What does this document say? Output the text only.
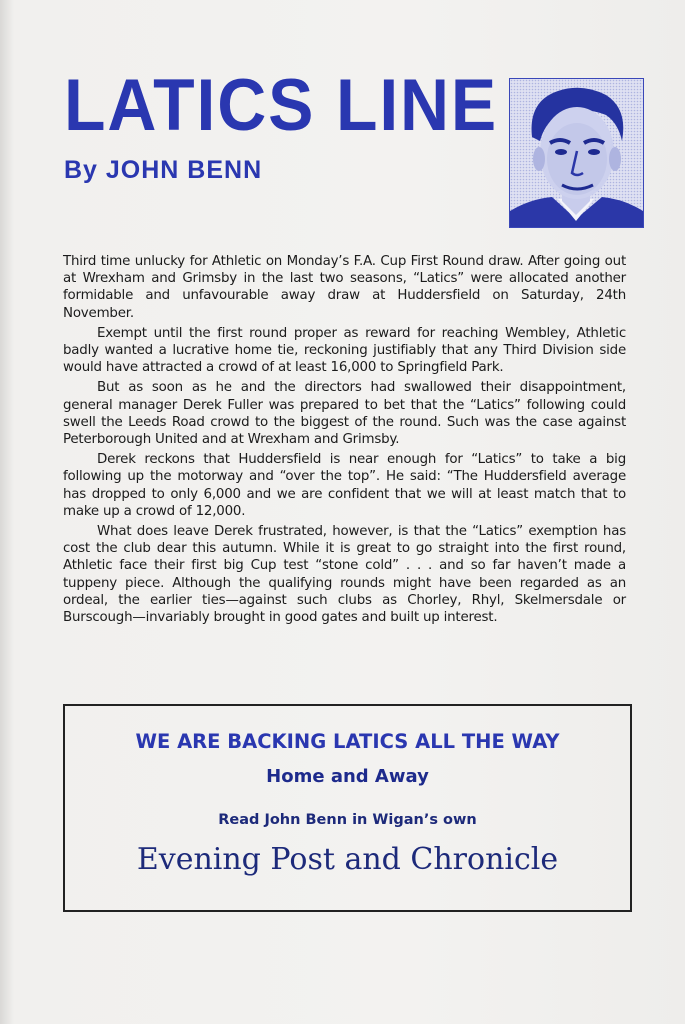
LATICS LINE
By JOHN BENN

Third time unlucky for Athletic on Monday’s F.A. Cup First Round draw. After going out at Wrexham and Grimsby in the last two seasons, “Latics” were allocated another formidable and unfavourable away draw at Huddersfield on Saturday, 24th November.

Exempt until the first round proper as reward for reaching Wembley, Athletic badly wanted a lucrative home tie, reckoning justifiably that any Third Division side would have attracted a crowd of at least 16,000 to Springfield Park.

But as soon as he and the directors had swallowed their disappointment, general manager Derek Fuller was prepared to bet that the “Latics” following could swell the Leeds Road crowd to the biggest of the round. Such was the case against Peterborough United and at Wrexham and Grimsby.

Derek reckons that Huddersfield is near enough for “Latics” to take a big following up the motorway and “over the top”. He said: “The Huddersfield average has dropped to only 6,000 and we are confident that we will at least match that to make up a crowd of 12,000.

What does leave Derek frustrated, however, is that the “Latics” exemption has cost the club dear this autumn. While it is great to go straight into the first round, Athletic face their first big Cup test “stone cold” . . . and so far haven’t made a tuppeny piece. Although the qualifying rounds might have been regarded as an ordeal, the earlier ties—against such clubs as Chorley, Rhyl, Skelmersdale or Burscough—invariably brought in good gates and built up interest.

WE ARE BACKING LATICS ALL THE WAY
Home and Away
Read John Benn in Wigan’s own
Evening Post and Chronicle
